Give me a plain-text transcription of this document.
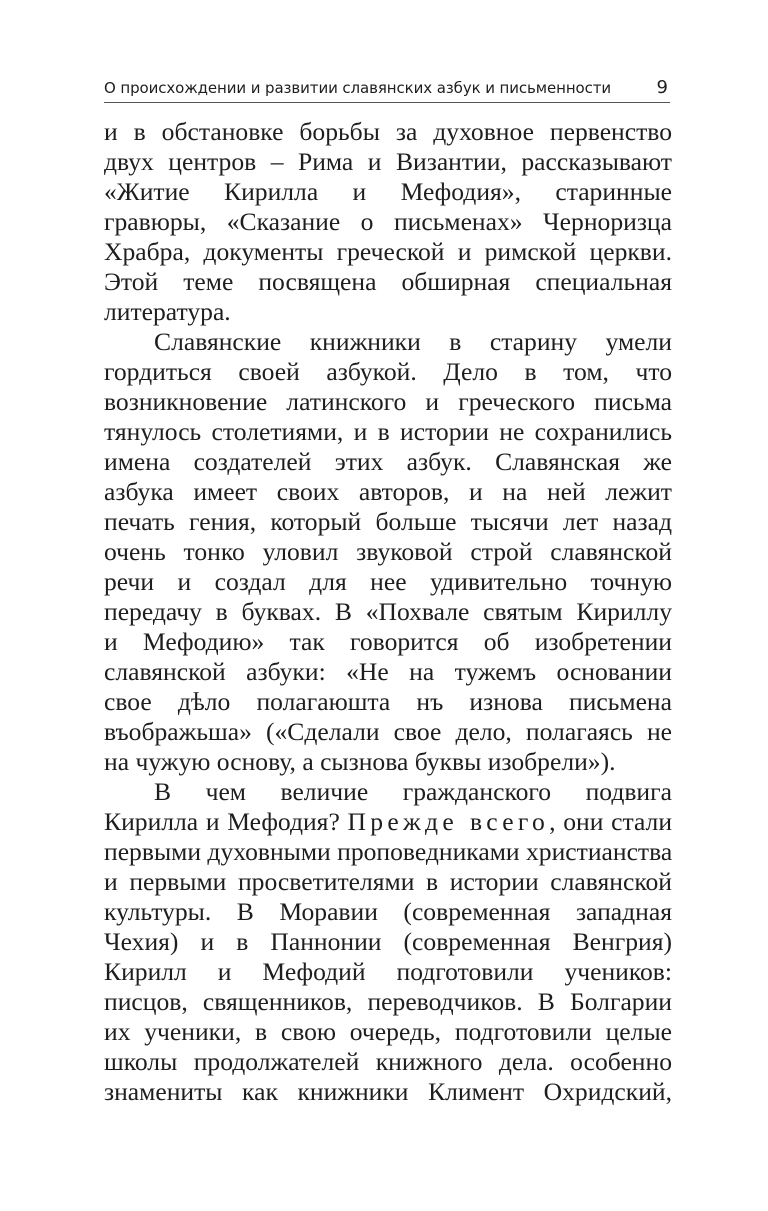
О происхождении и развитии славянских азбук и письменности	9
и в обстановке борьбы за духовное первенство
двух центров – Рима и Византии, рассказывают
«Житие Кирилла и Мефодия», старинные
гравюры, «Сказание о письменах» Черноризца
Храбра, документы греческой и римской церкви.
Этой теме посвящена обширная специальная
литература.
Славянские книжники в старину умели
гордиться своей азбукой. Дело в том, что
возникновение латинского и греческого письма
тянулось столетиями, и в истории не сохранились
имена создателей этих азбук. Славянская же
азбука имеет своих авторов, и на ней лежит
печать гения, который больше тысячи лет назад
очень тонко уловил звуковой строй славянской
речи и создал для нее удивительно точную
передачу в буквах. В «Похвале святым Кириллу
и Мефодию» так говорится об изобретении
славянской азбуки: «Не на тужемъ основании
свое дѣло полагаюшта нъ изнова письмена
въображьша» («Сделали свое дело, полагаясь не
на чужую основу, а сызнова буквы изобрели»).
В чем величие гражданского подвига
Кирилла и Мефодия? Прежде всего, они стали
первыми духовными проповедниками христианства
и первыми просветителями в истории славянской
культуры. В Моравии (современная западная
Чехия) и в Паннонии (современная Венгрия)
Кирилл и Мефодий подготовили учеников:
писцов, священников, переводчиков. В Болгарии
их ученики, в свою очередь, подготовили целые
школы продолжателей книжного дела. особенно
знамениты как книжники Климент Охридский,
